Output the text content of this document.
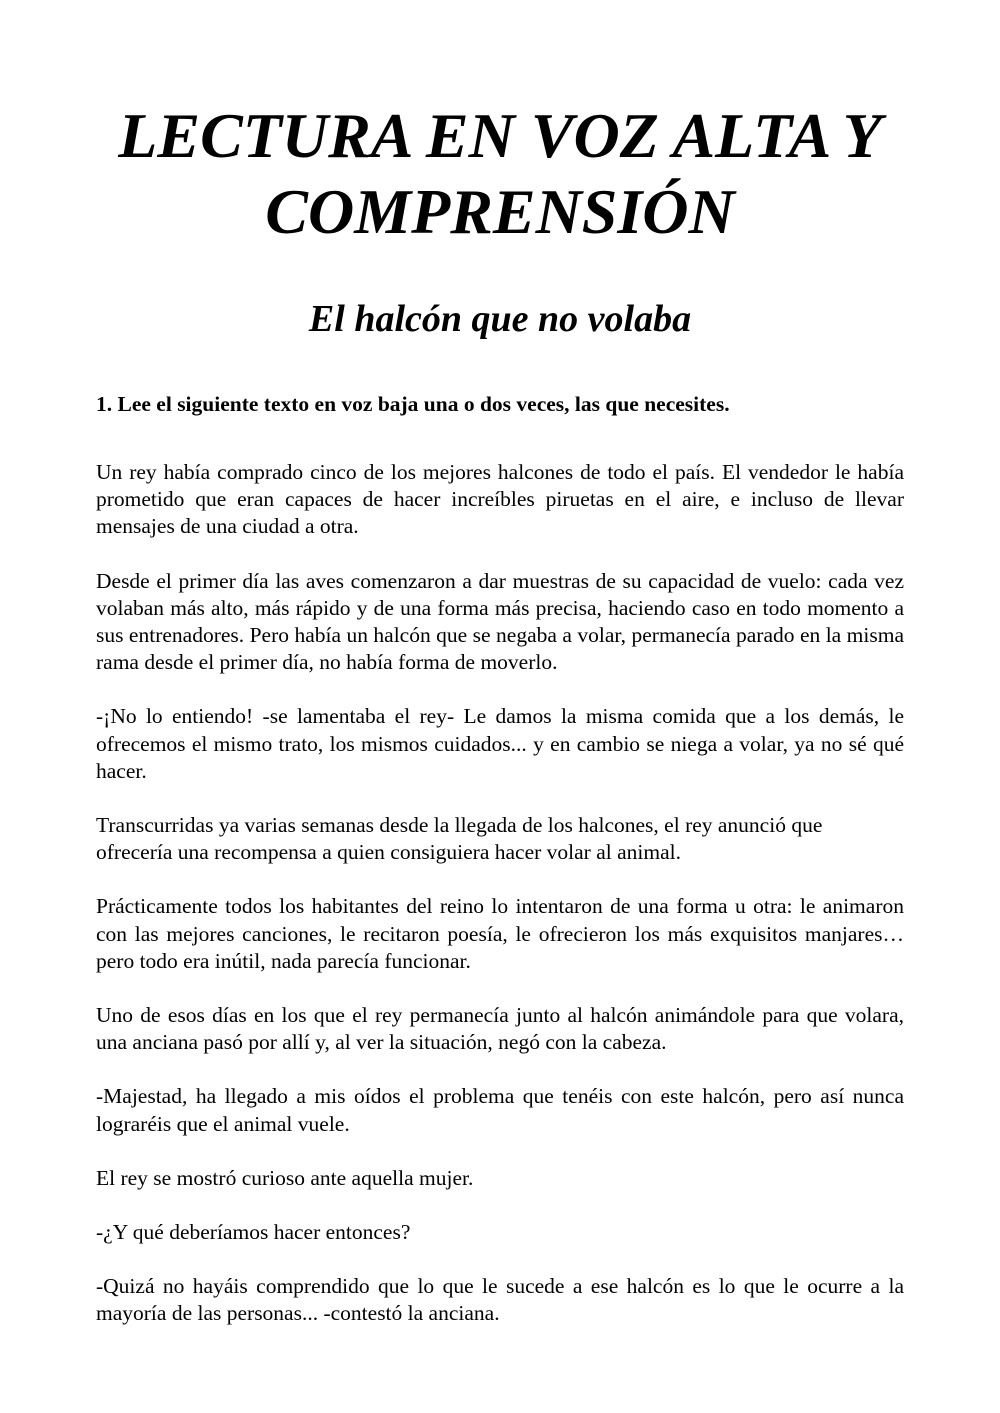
LECTURA EN VOZ ALTA Y
COMPRENSIÓN
El halcón que no volaba

1. Lee el siguiente texto en voz baja una o dos veces, las que necesites.

Un rey había comprado cinco de los mejores halcones de todo el país. El vendedor le había prometido que eran capaces de hacer increíbles piruetas en el aire, e incluso de llevar mensajes de una ciudad a otra.

Desde el primer día las aves comenzaron a dar muestras de su capacidad de vuelo: cada vez volaban más alto, más rápido y de una forma más precisa, haciendo caso en todo momento a sus entrenadores. Pero había un halcón que se negaba a volar, permanecía parado en la misma rama desde el primer día, no había forma de moverlo.

-¡No lo entiendo! -se lamentaba el rey- Le damos la misma comida que a los demás, le ofrecemos el mismo trato, los mismos cuidados... y en cambio se niega a volar, ya no sé qué hacer.

Transcurridas ya varias semanas desde la llegada de los halcones, el rey anunció que ofrecería una recompensa a quien consiguiera hacer volar al animal.

Prácticamente todos los habitantes del reino lo intentaron de una forma u otra: le animaron con las mejores canciones, le recitaron poesía, le ofrecieron los más exquisitos manjares… pero todo era inútil, nada parecía funcionar.

Uno de esos días en los que el rey permanecía junto al halcón animándole para que volara, una anciana pasó por allí y, al ver la situación, negó con la cabeza.

-Majestad, ha llegado a mis oídos el problema que tenéis con este halcón, pero así nunca lograréis que el animal vuele.

El rey se mostró curioso ante aquella mujer.

-¿Y qué deberíamos hacer entonces?

-Quizá no hayáis comprendido que lo que le sucede a ese halcón es lo que le ocurre a la mayoría de las personas... -contestó la anciana.
